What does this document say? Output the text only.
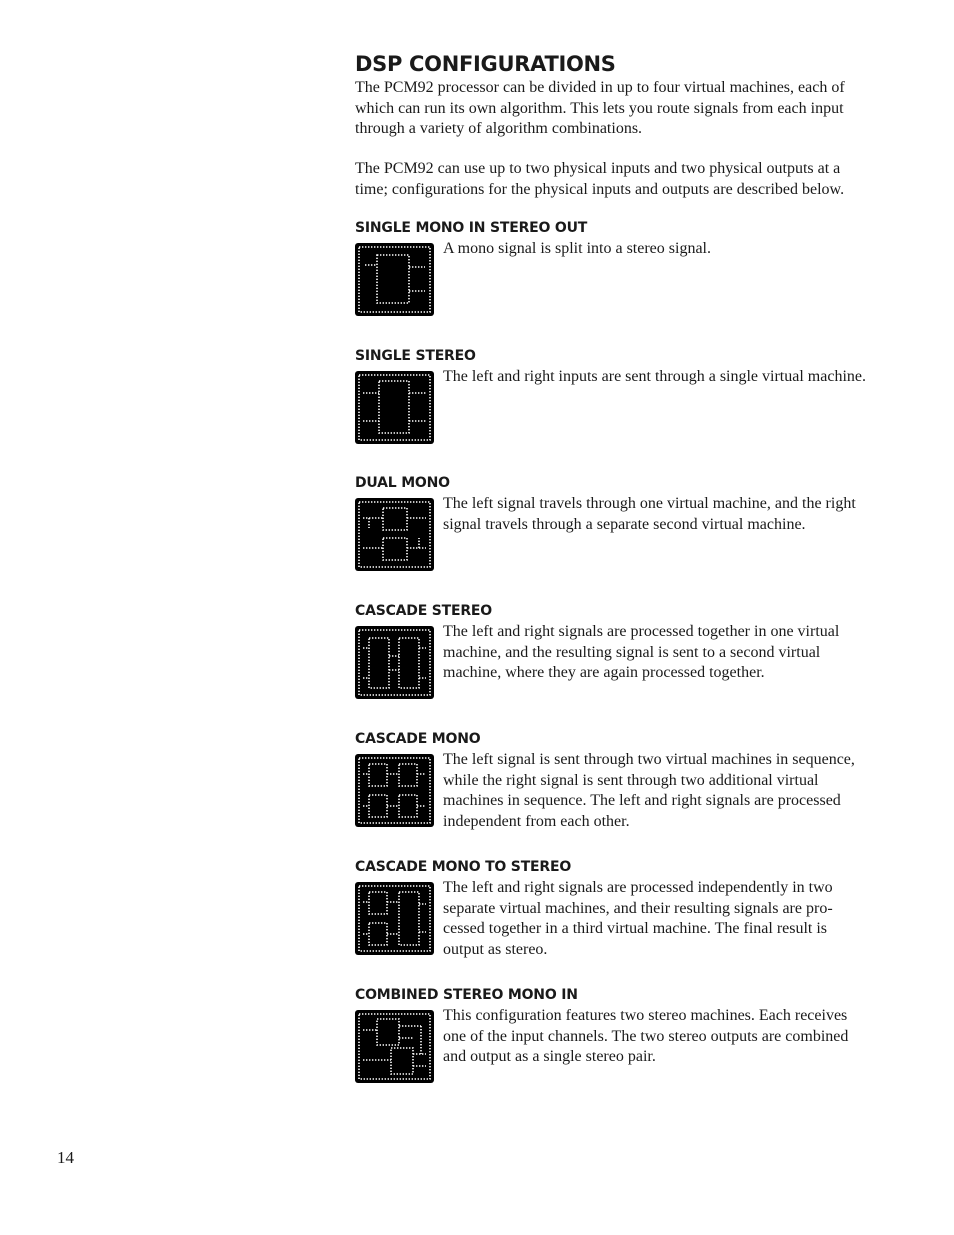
DSP CONFIGURATIONS

The PCM92 processor can be divided in up to four virtual machines, each of which can run its own algorithm. This lets you route signals from each input through a variety of algorithm combinations.

The PCM92 can use up to two physical inputs and two physical outputs at a time; configurations for the physical inputs and outputs are described below.

SINGLE MONO IN STEREO OUT

A mono signal is split into a stereo signal.

SINGLE STEREO

The left and right inputs are sent through a single virtual machine.

DUAL MONO

The left signal travels through one virtual machine, and the right signal travels through a separate second virtual machine.

CASCADE STEREO

The left and right signals are processed together in one virtual machine, and the resulting signal is sent to a second virtual machine, where they are again processed together.

CASCADE MONO

The left signal is sent through two virtual machines in sequence, while the right signal is sent through two additional virtual machines in sequence. The left and right signals are processed independent from each other.

CASCADE MONO TO STEREO

The left and right signals are processed independently in two separate virtual machines, and their resulting signals are pro- cessed together in a third virtual machine. The final result is output as stereo.

COMBINED STEREO MONO IN

This configuration features two stereo machines. Each receives one of the input channels. The two stereo outputs are combined and output as a single stereo pair.

14
